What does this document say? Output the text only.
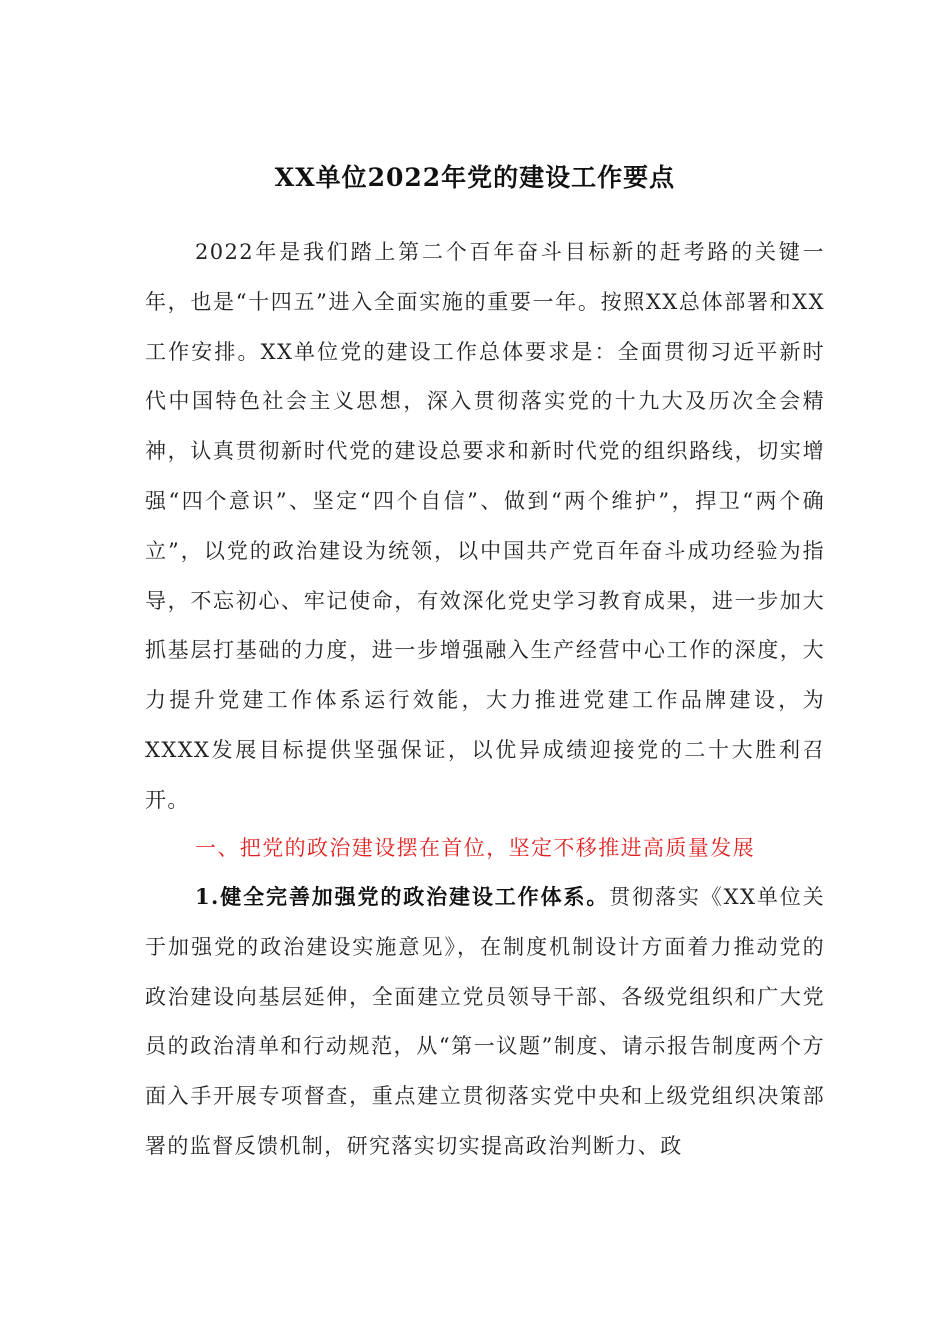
XX单位2022年党的建设工作要点
2022年是我们踏上第二个百年奋斗目标新的赶考路的关键一年，也是“十四五”进入全面实施的重要一年。按照XX总体部署和XX工作安排。XX单位党的建设工作总体要求是：全面贯彻习近平新时代中国特色社会主义思想，深入贯彻落实党的十九大及历次全会精神，认真贯彻新时代党的建设总要求和新时代党的组织路线，切实增强“四个意识”、坚定“四个自信”、做到“两个维护”，捍卫“两个确立”，以党的政治建设为统领，以中国共产党百年奋斗成功经验为指导，不忘初心、牢记使命，有效深化党史学习教育成果，进一步加大抓基层打基础的力度，进一步增强融入生产经营中心工作的深度，大力提升党建工作体系运行效能，大力推进党建工作品牌建设，为XXXX发展目标提供坚强保证，以优异成绩迎接党的二十大胜利召开。
一、把党的政治建设摆在首位，坚定不移推进高质量发展
1.健全完善加强党的政治建设工作体系。贯彻落实《XX单位关于加强党的政治建设实施意见》，在制度机制设计方面着力推动党的政治建设向基层延伸，全面建立党员领导干部、各级党组织和广大党员的政治清单和行动规范，从“第一议题”制度、请示报告制度两个方面入手开展专项督查，重点建立贯彻落实党中央和上级党组织决策部署的监督反馈机制，研究落实切实提高政治判断力、政
